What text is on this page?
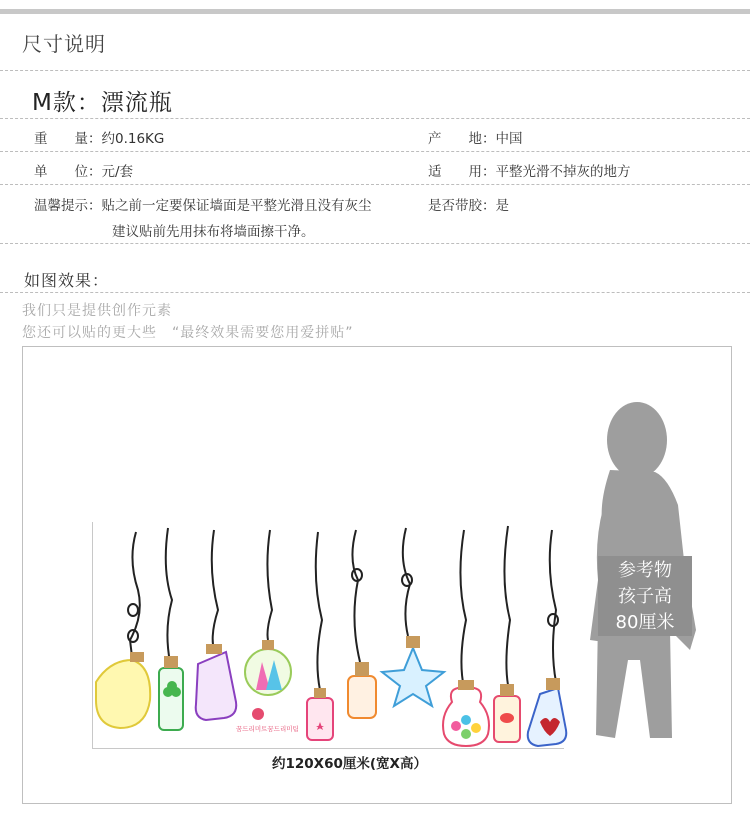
尺寸说明
M款：漂流瓶
重　　量：约0.16KG	产　　地：中国
单　　位：元/套	适　　用：平整光滑不掉灰的地方
温馨提示：贴之前一定要保证墙面是平整光滑且没有灰尘
建议贴前先用抹布将墙面擦干净。
是否带胶：是
如图效果：
我们只是提供创作元素
您还可以贴的更大些　“最终效果需要您用爱拼贴”
꿈드리미트꿈드리미팀
约120X60厘米(宽X高）
参考物
孩子高
80厘米
